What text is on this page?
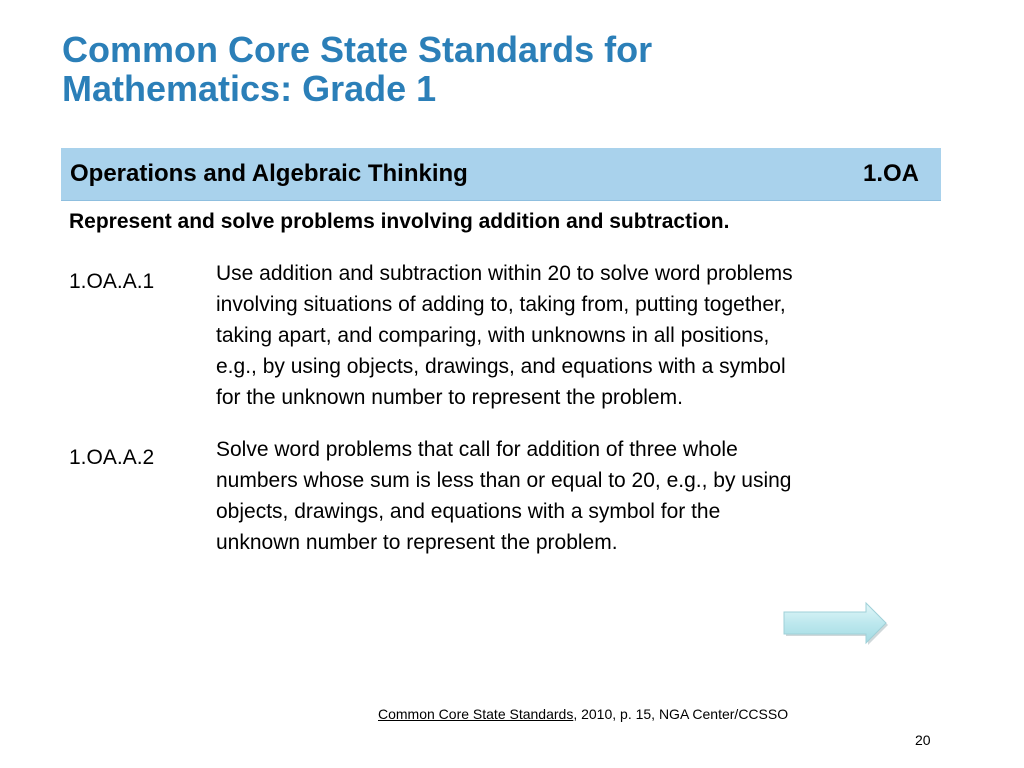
Common Core State Standards for
Mathematics: Grade 1
Operations and Algebraic Thinking	1.OA
Represent and solve problems involving addition and subtraction.
1.OA.A.1	Use addition and subtraction within 20 to solve word problems
involving situations of adding to, taking from, putting together,
taking apart, and comparing, with unknowns in all positions,
e.g., by using objects, drawings, and equations with a symbol
for the unknown number to represent the problem.
1.OA.A.2	Solve word problems that call for addition of three whole
numbers whose sum is less than or equal to 20, e.g., by using
objects, drawings, and equations with a symbol for the
unknown number to represent the problem.
Common Core State Standards, 2010, p. 15, NGA Center/CCSSO
20
